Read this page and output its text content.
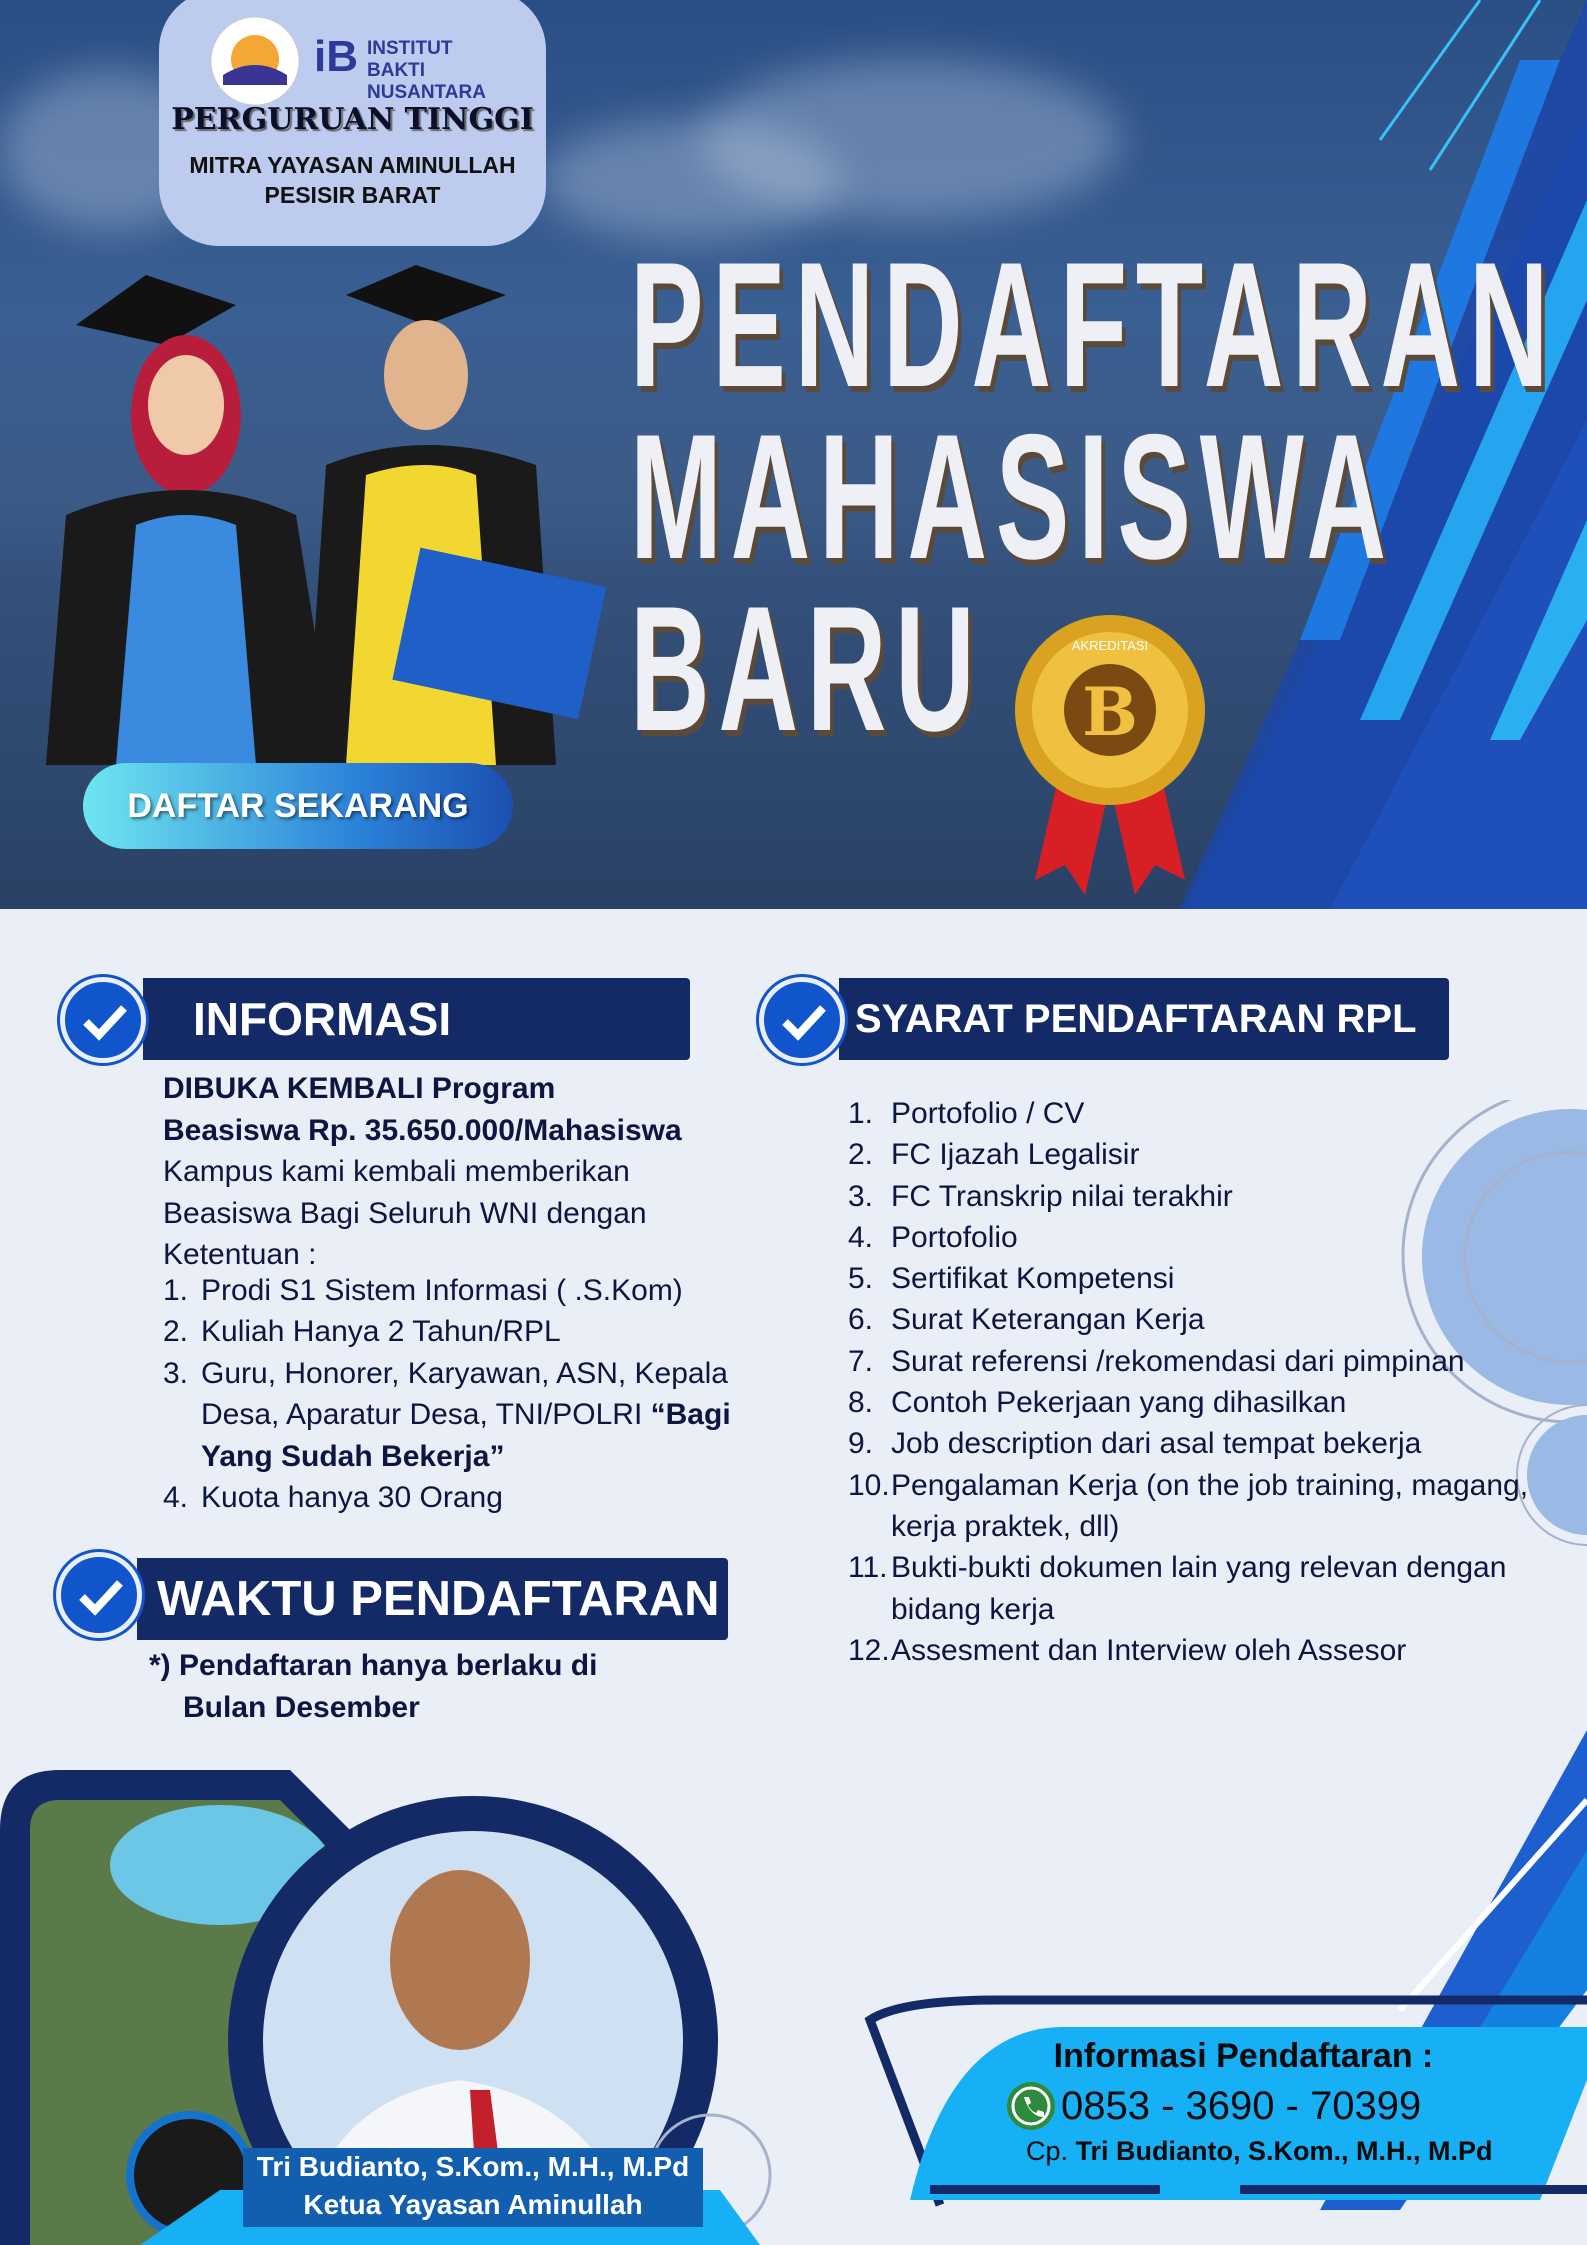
DAFTAR SEKARANG
PENDAFTARAN
MAHASISWA
BARU B
AKREDITASI
iB INSTITUT
BAKTI NUSANTARA
PERGURUAN TINGGI
MITRA YAYASAN AMINULLAH
PESISIR BARAT
INFORMASI
DIBUKA KEMBALI Program
Beasiswa Rp. 35.650.000/Mahasiswa
Kampus kami kembali memberikan
Beasiswa Bagi Seluruh WNI dengan
Ketentuan :
1. Prodi S1 Sistem Informasi ( .S.Kom)
2. Kuliah Hanya 2 Tahun/RPL
3. Guru, Honorer, Karyawan, ASN, Kepala Desa, Aparatur Desa, TNI/POLRI “Bagi Yang Sudah Bekerja”
4. Kuota hanya 30 Orang
WAKTU PENDAFTARAN
*) Pendaftaran hanya berlaku di
Bulan Desember
SYARAT PENDAFTARAN RPL
1. Portofolio / CV
2. FC Ijazah Legalisir
3. FC Transkrip nilai terakhir
4. Portofolio
5. Sertifikat Kompetensi
6. Surat Keterangan Kerja
7. Surat referensi /rekomendasi dari pimpinan
8. Contoh Pekerjaan yang dihasilkan
9. Job description dari asal tempat bekerja
10. Pengalaman Kerja (on the job training, magang, kerja praktek, dll)
11. Bukti-bukti dokumen lain yang relevan dengan bidang kerja
12. Assesment dan Interview oleh Assesor
Tri Budianto, S.Kom., M.H., M.Pd
Ketua Yayasan Aminullah
Informasi Pendaftaran :
0853 - 3690 - 70399
Cp. Tri Budianto, S.Kom., M.H., M.Pd
